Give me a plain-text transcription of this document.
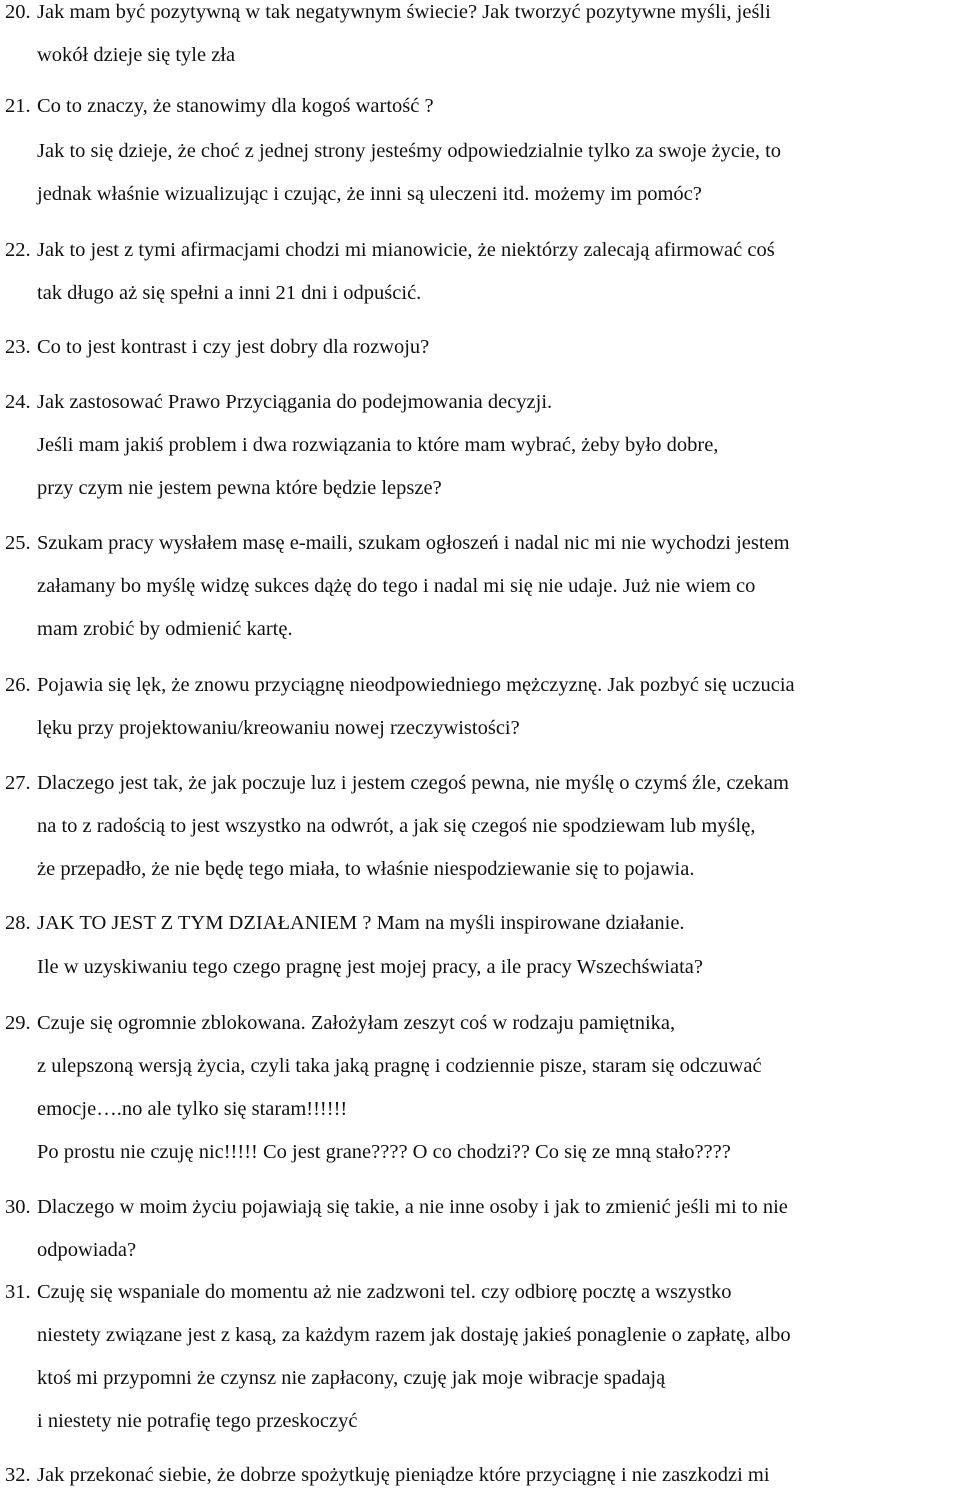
20. Jak mam być pozytywną w tak negatywnym świecie? Jak tworzyć pozytywne myśli, jeśli
wokół dzieje się tyle zła
21. Co to znaczy, że stanowimy dla kogoś wartość ?
Jak to się dzieje, że choć z jednej strony jesteśmy odpowiedzialnie tylko za swoje życie, to
jednak właśnie wizualizując i czując, że inni są uleczeni itd. możemy im pomóc?
22. Jak to jest z tymi afirmacjami chodzi mi mianowicie, że niektórzy zalecają afirmować coś
tak długo aż się spełni a inni 21 dni i odpuścić.
23. Co to jest kontrast i czy jest dobry dla rozwoju?
24. Jak zastosować Prawo Przyciągania do podejmowania decyzji.
Jeśli mam jakiś problem i dwa rozwiązania to które mam wybrać, żeby było dobre,
przy czym nie jestem pewna które będzie lepsze?
25. Szukam pracy wysłałem masę e-maili, szukam ogłoszeń i nadal nic mi nie wychodzi jestem
załamany bo myślę widzę sukces dążę do tego i nadal mi się nie udaje. Już nie wiem co
mam zrobić by odmienić kartę.
26. Pojawia się lęk, że znowu przyciągnę nieodpowiedniego mężczyznę. Jak pozbyć się uczucia
lęku przy projektowaniu/kreowaniu nowej rzeczywistości?
27. Dlaczego jest tak, że jak poczuje luz i jestem czegoś pewna, nie myślę o czymś źle, czekam
na to z radością to jest wszystko na odwrót, a jak się czegoś nie spodziewam lub myślę,
że przepadło, że nie będę tego miała, to właśnie niespodziewanie się to pojawia.
28. JAK TO JEST Z TYM DZIAŁANIEM ? Mam na myśli inspirowane działanie.
Ile w uzyskiwaniu tego czego pragnę jest mojej pracy, a ile pracy Wszechświata?
29. Czuje się ogromnie zblokowana. Założyłam zeszyt coś w rodzaju pamiętnika,
z ulepszoną wersją życia, czyli taka jaką pragnę i codziennie pisze, staram się odczuwać
emocje….no ale tylko się staram!!!!!!
Po prostu nie czuję nic!!!!! Co jest grane???? O co chodzi?? Co się ze mną stało????
30. Dlaczego w moim życiu pojawiają się takie, a nie inne osoby i jak to zmienić jeśli mi to nie
odpowiada?
31. Czuję się wspaniale do momentu aż nie zadzwoni tel. czy odbiorę pocztę a wszystko
niestety związane jest z kasą, za każdym razem jak dostaję jakieś ponaglenie o zapłatę, albo
ktoś mi przypomni że czynsz nie zapłacony, czuję jak moje wibracje spadają
i niestety nie potrafię tego przeskoczyć
32. Jak przekonać siebie, że dobrze spożytkuję pieniądze które przyciągnę i nie zaszkodzi mi
